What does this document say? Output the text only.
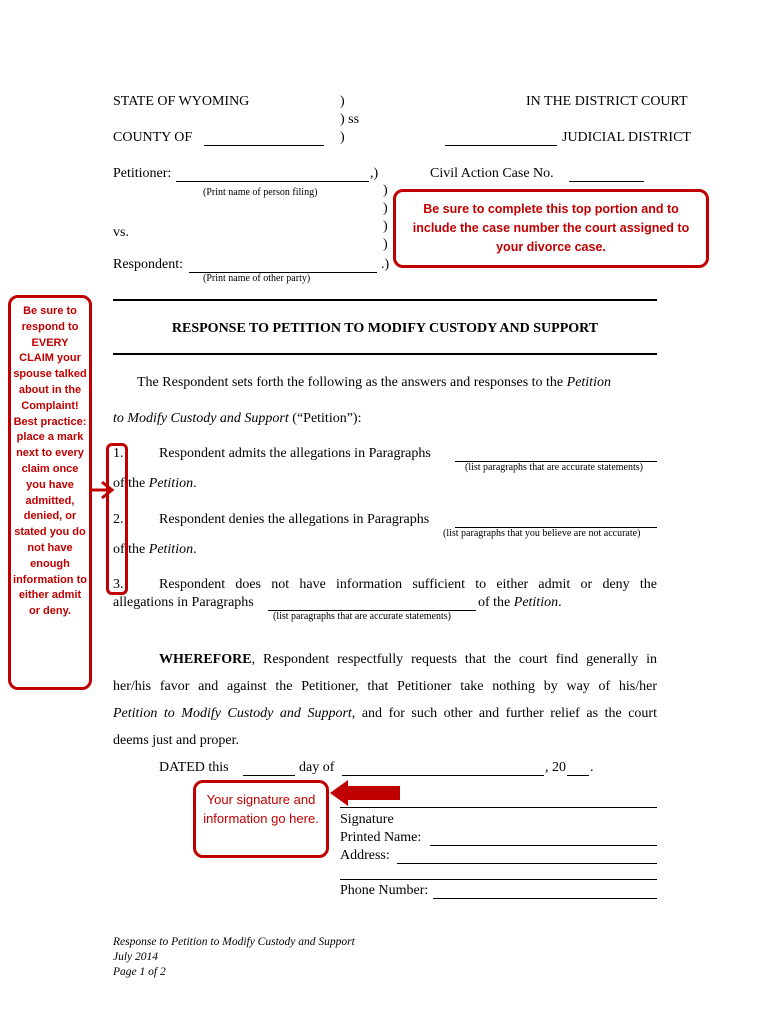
STATE OF WYOMING	)	IN THE DISTRICT COURT
) ss
COUNTY OF	)	JUDICIAL DISTRICT
Petitioner:	,)	Civil Action Case No.
(Print name of person filing)	)
)
vs.	)
)
Respondent:	.)
(Print name of other party)
Be sure to complete this top portion and to include the case number the court assigned to your divorce case.
RESPONSE TO PETITION TO MODIFY CUSTODY AND SUPPORT
The Respondent sets forth the following as the answers and responses to the Petition
to Modify Custody and Support (“Petition”):
1.	Respondent admits the allegations in Paragraphs
(list paragraphs that are accurate statements)
of the Petition.
2.	Respondent denies the allegations in Paragraphs
(list paragraphs that you believe are not accurate)
of the Petition.
3.	Respondent does not have information sufficient to either admit or deny the
allegations in Paragraphs	of the Petition.
(list paragraphs that are accurate statements)
Be sure to respond to EVERY CLAIM your spouse talked about in the Complaint! Best practice: place a mark next to every claim once you have admitted, denied, or stated you do not have enough information to either admit or deny.
WHEREFORE, Respondent respectfully requests that the court find generally in
her/his favor and against the Petitioner, that Petitioner take nothing by way of his/her
Petition to Modify Custody and Support, and for such other and further relief as the court
deems just and proper.
DATED this	day of	, 20 .
Signature
Printed Name:
Address:
Phone Number:
Your signature and information go here.
Response to Petition to Modify Custody and Support
July 2014
Page 1 of 2
